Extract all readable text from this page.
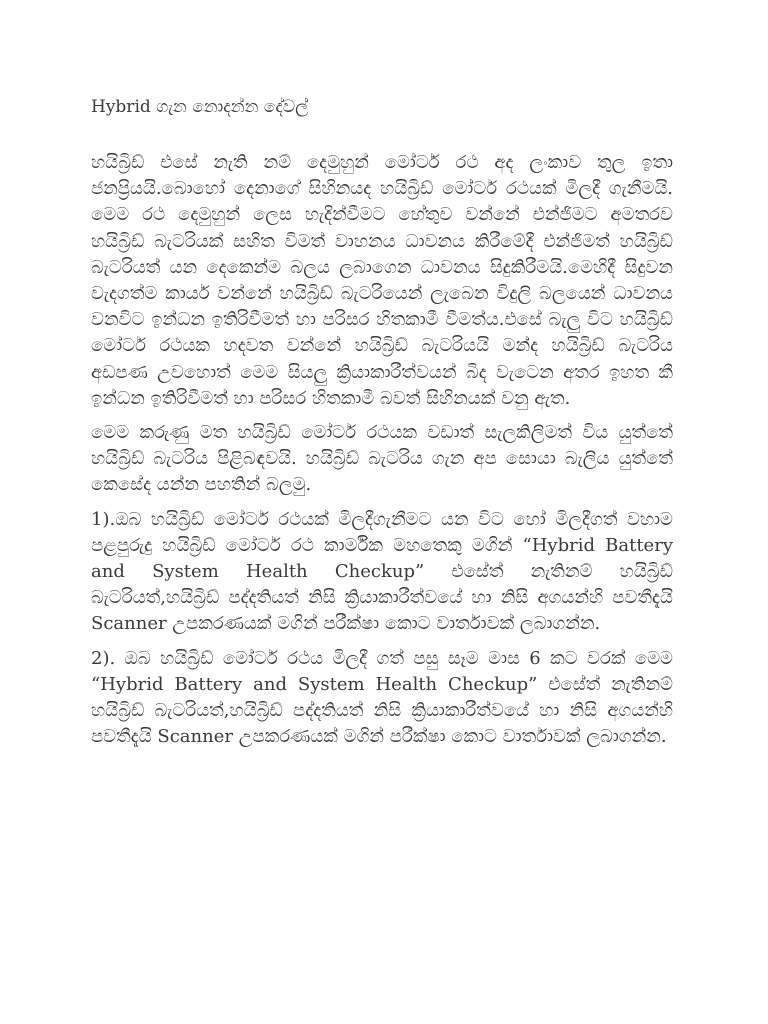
Hybrid ගැන නොදන්න දේවල්

හයිබ්‍රිඩ් එසේ නැති නම් දෙමුහුන් මෝටර් රථ අද ලංකාව තුල ඉතා ජනප්‍රියයි.බොහෝ දෙනාගේ සිහිනයද හයිබ්‍රිඩ් මෝටර් රථයක් මිලදී ගැනීමයි. මෙම රථ දෙමුහුන් ලෙස හැදින්වීමට හේතුව වන්නේ එන්ජිමට අමතරව හයිබ්‍රිඩ් බැටරියක් සහිත විමත් වාහනය ධාවනය කිරීමේදී එන්ජිමත් හයිබ්‍රිඩ් බැටරියත් යන දෙකෙන්ම බලය ලබාගෙන ධාවනය සිදුකිරීමයි.මෙහිදී සිදුවන වැදගත්ම කාර්ය වන්නේ හයිබ්‍රිඩ් බැටරියෙන් ලැබෙන විදුලි බලයෙන් ධාවනය වනවිට ඉන්ධන ඉතිරිවීමත් හා පරිසර හිතකාමී වීමත්ය.එසේ බැලු විට හයිබ්‍රිඩ් මෝටර් රථයක හදවත වන්නේ හයිබ්‍රිඩ් බැටරියයි මන්ද හයිබ්‍රිඩ් බැටරිය අඩපණ උවහොත් මෙම සියලු ක්‍රියාකාරීත්වයන් බිද වැටෙන අතර ඉහත කී ඉන්ධන ඉතිරිවීමත් හා පරිසර හිතකාමී බවත් සිහිනයක් වනු ඇත.

මෙම කරුණු මත හයිබ්‍රිඩ් මෝටර් රථයක වඩාත් සැලකිලිමත් විය යුත්තේ හයිබ්‍රිඩ් බැටරිය පිළිබඳවයි. හයිබ්‍රිඩ් බැටරිය ගැන අප සොයා බැලිය යුත්තේ කෙසේද යන්න පහතින් බලමු.

1).ඔබ හයිබ්‍රිඩ් මෝටර් රථයක් මිලදීගැනීමට යන විට හෝ මිලදීගත් වහාම පළපුරුදු හයිබ්‍රිඩ් මෝටර් රථ කාර්මික මහතෙකු මගින් “Hybrid Battery and System Health Checkup” එසේත් නැතිනම් හයිබ්‍රිඩ් බැටරියත්,හයිබ්‍රිඩ් පද්දතියත් නිසි ක්‍රියාකාරීත්වයේ හා නිසි අගයන්හි පවතීදැයි Scanner උපකරණයක් මගින් පරීක්ෂා කොට වාර්තාවක් ලබාගන්න.

2). ඔබ හයිබ්‍රිඩ් මෝටර් රථය මිලදී ගත් පසු සෑම මාස 6 කට වරක් මෙම “Hybrid Battery and System Health Checkup” එසේත් නැතිනම් හයිබ්‍රිඩ් බැටරියත්,හයිබ්‍රිඩ් පද්දතියත් නිසි ක්‍රියාකාරීත්වයේ හා නිසි අගයන්හි පවතීදැයි Scanner උපකරණයක් මගින් පරීක්ෂා කොට වාර්තාවක් ලබාගන්න.
